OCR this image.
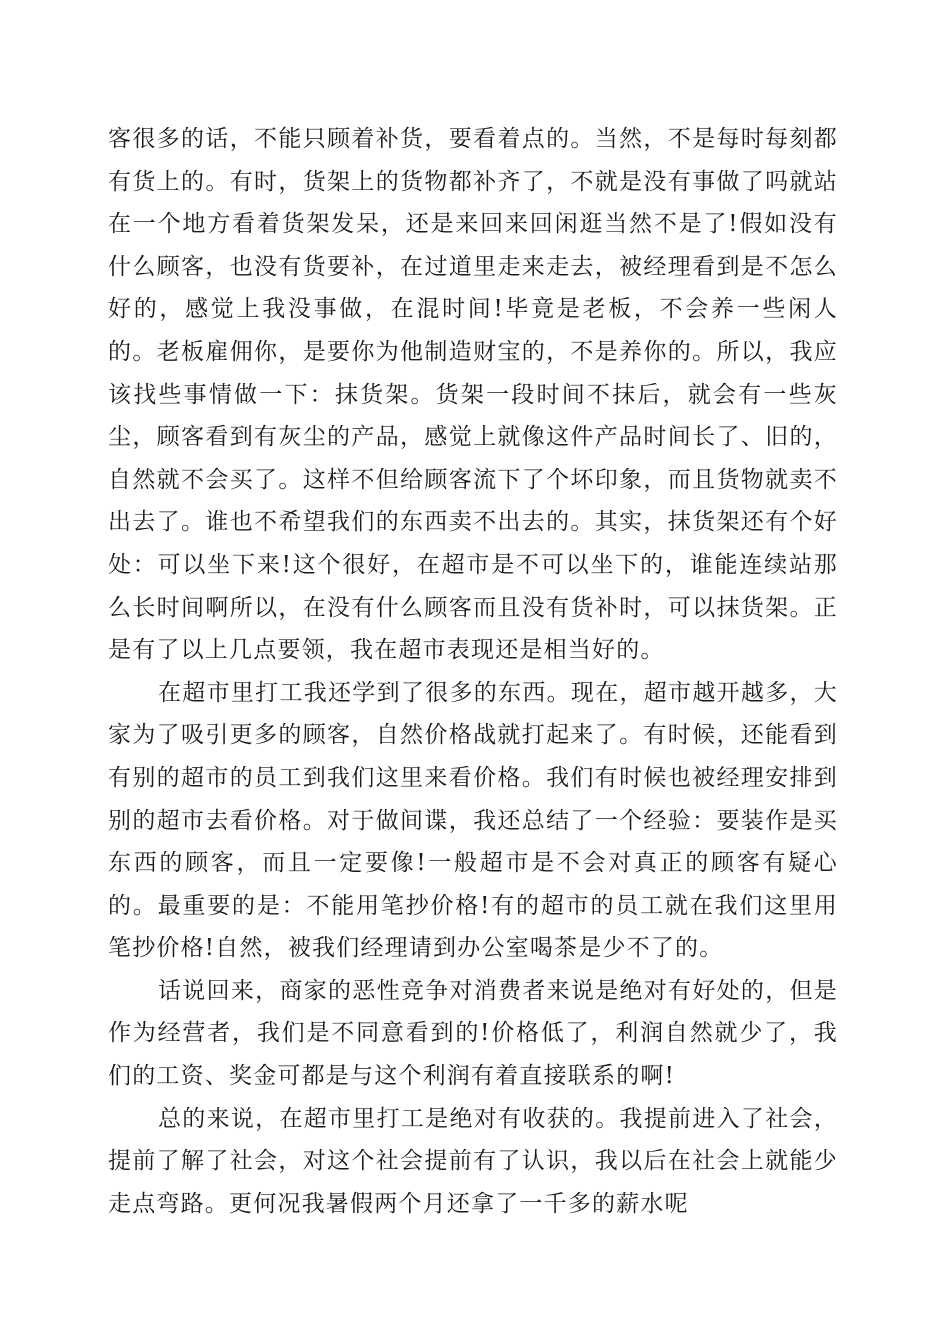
客很多的话，不能只顾着补货，要看着点的。当然，不是每时每刻都有货上的。有时，货架上的货物都补齐了，不就是没有事做了吗就站在一个地方看着货架发呆，还是来回来回闲逛当然不是了!假如没有什么顾客，也没有货要补，在过道里走来走去，被经理看到是不怎么好的，感觉上我没事做，在混时间!毕竟是老板，不会养一些闲人的。老板雇佣你，是要你为他制造财宝的，不是养你的。所以，我应该找些事情做一下：抹货架。货架一段时间不抹后，就会有一些灰尘，顾客看到有灰尘的产品，感觉上就像这件产品时间长了、旧的，自然就不会买了。这样不但给顾客流下了个坏印象，而且货物就卖不出去了。谁也不希望我们的东西卖不出去的。其实，抹货架还有个好处：可以坐下来!这个很好，在超市是不可以坐下的，谁能连续站那么长时间啊所以，在没有什么顾客而且没有货补时，可以抹货架。正是有了以上几点要领，我在超市表现还是相当好的。

在超市里打工我还学到了很多的东西。现在，超市越开越多，大家为了吸引更多的顾客，自然价格战就打起来了。有时候，还能看到有别的超市的员工到我们这里来看价格。我们有时候也被经理安排到别的超市去看价格。对于做间谍，我还总结了一个经验：要装作是买东西的顾客，而且一定要像!一般超市是不会对真正的顾客有疑心的。最重要的是：不能用笔抄价格!有的超市的员工就在我们这里用笔抄价格!自然，被我们经理请到办公室喝茶是少不了的。

话说回来，商家的恶性竞争对消费者来说是绝对有好处的，但是作为经营者，我们是不同意看到的!价格低了，利润自然就少了，我们的工资、奖金可都是与这个利润有着直接联系的啊!

总的来说，在超市里打工是绝对有收获的。我提前进入了社会，提前了解了社会，对这个社会提前有了认识，我以后在社会上就能少走点弯路。更何况我暑假两个月还拿了一千多的薪水呢
